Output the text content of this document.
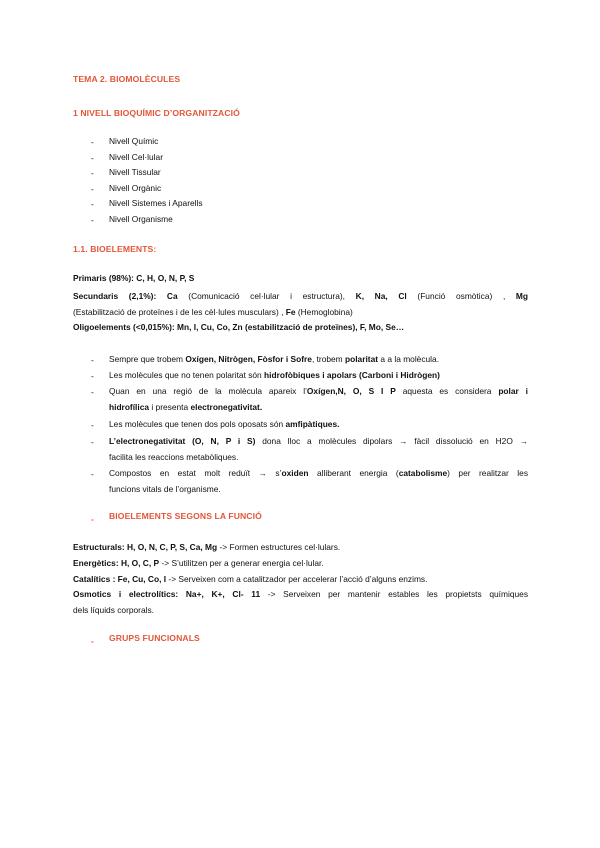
TEMA 2. BIOMOLÈCULES
1 NIVELL BIOQUÍMIC D’ORGANITZACIÓ
- Nivell Químic
- Nivell Cel·lular
- Nivell Tissular
- Nivell Orgànic
- Nivell Sistemes i Aparells
- Nivell Organisme
1.1. BIOELEMENTS:
Primaris (98%): C, H, O, N, P, S
Secundaris (2,1%): Ca (Comunicació cel·lular i estructura), K, Na, Cl (Funció osmòtica) , Mg
(Estabilització de proteïnes i de les cèl·lules musculars) , Fe (Hemoglobina)
Oligoelements (<0,015%): Mn, I, Cu, Co, Zn (estabilització de proteïnes), F, Mo, Se…
- Sempre que trobem Oxígen, Nitrògen, Fòsfor i Sofre, trobem polaritat a a la molècula.
- Les molècules que no tenen polaritat són hidrofòbiques i apolars (Carboni i Hidrògen)
- Quan en una regió de la molècula apareix l’Oxígen,N, O, S I P aquesta es considera polar i
hidrofílica i presenta electronegativitat.
- Les molècules que tenen dos pols oposats són amfipàtiques.
- L’electronegativitat (O, N, P i S) dona lloc a molècules dipolars → fàcil dissolució en H2O →
facilita les reaccions metabòliques.
- Compostos en estat molt reduït → s’oxiden alliberant energia (catabolisme) per realitzar les
funcions vitals de l’organisme.
- BIOELEMENTS SEGONS LA FUNCIÓ
Estructurals: H, O, N, C, P, S, Ca, Mg -> Formen estructures cel·lulars.
Energètics: H, O, C, P -> S’utilitzen per a generar energia cel·lular.
Catalítics : Fe, Cu, Co, I -> Serveixen com a catalitzador per accelerar l’acció d’alguns enzims.
Osmotics i electrolítics: Na+, K+, Cl- 11 -> Serveixen per mantenir estables les propietsts químiques
dels líquids corporals.
- GRUPS FUNCIONALS
